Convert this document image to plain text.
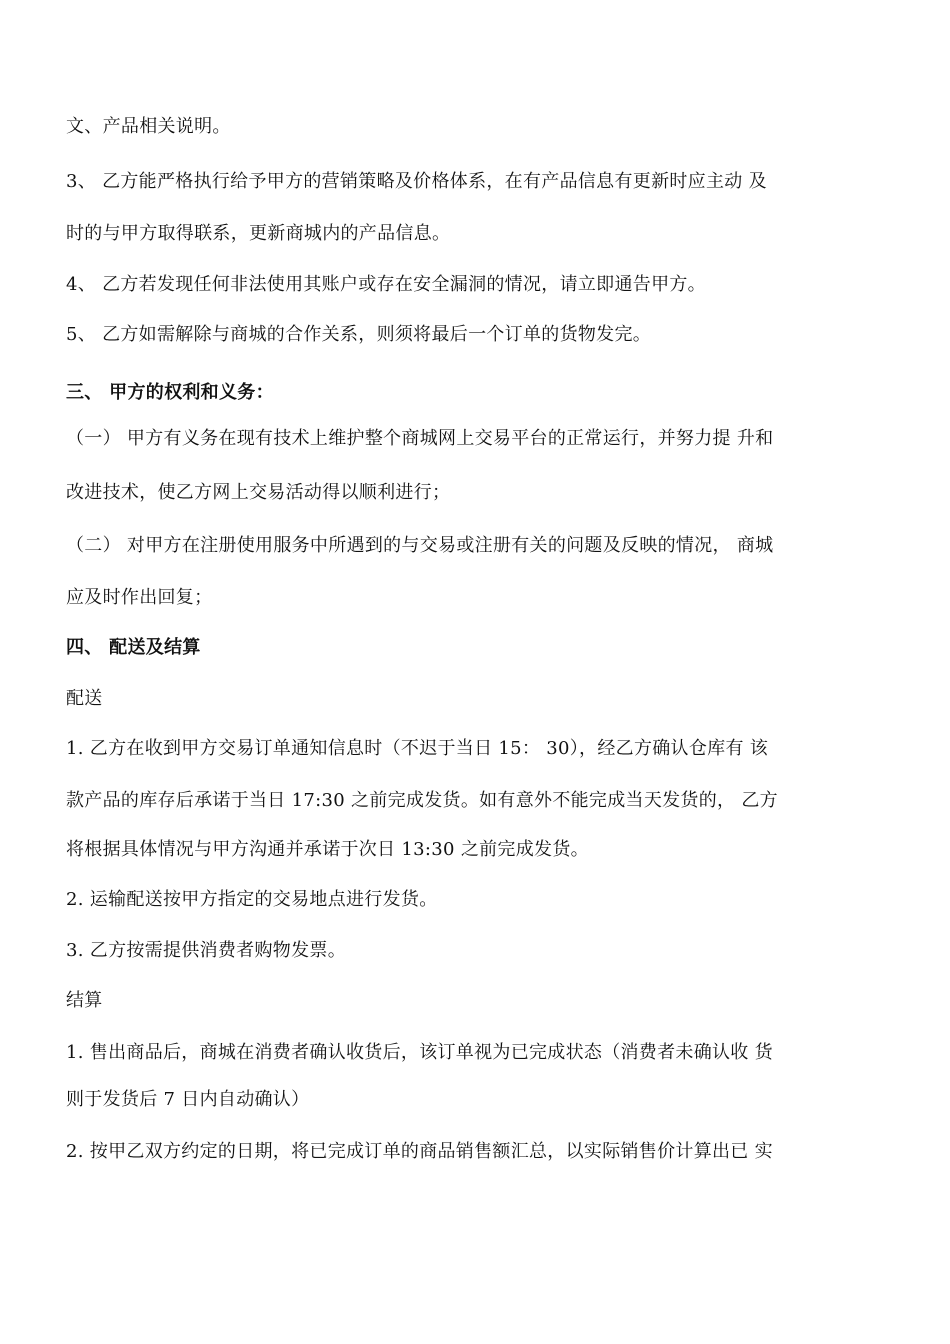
文、产品相关说明。
3、 乙方能严格执行给予甲方的营销策略及价格体系，在有产品信息有更新时应主动 及
时的与甲方取得联系，更新商城内的产品信息。
4、 乙方若发现任何非法使用其账户或存在安全漏洞的情况，请立即通告甲方。
5、 乙方如需解除与商城的合作关系，则须将最后一个订单的货物发完。
三、 甲方的权利和义务：
（一） 甲方有义务在现有技术上维护整个商城网上交易平台的正常运行，并努力提 升和
改进技术，使乙方网上交易活动得以顺利进行；
（二） 对甲方在注册使用服务中所遇到的与交易或注册有关的问题及反映的情况， 商城
应及时作出回复；
四、 配送及结算
配送
1. 乙方在收到甲方交易订单通知信息时（不迟于当日 15： 30），经乙方确认仓库有 该
款产品的库存后承诺于当日 17:30 之前完成发货。如有意外不能完成当天发货的， 乙方
将根据具体情况与甲方沟通并承诺于次日 13:30 之前完成发货。
2. 运输配送按甲方指定的交易地点进行发货。
3. 乙方按需提供消费者购物发票。
结算
1. 售出商品后，商城在消费者确认收货后，该订单视为已完成状态（消费者未确认收 货
则于发货后 7 日内自动确认）
2. 按甲乙双方约定的日期，将已完成订单的商品销售额汇总，以实际销售价计算出已 实
